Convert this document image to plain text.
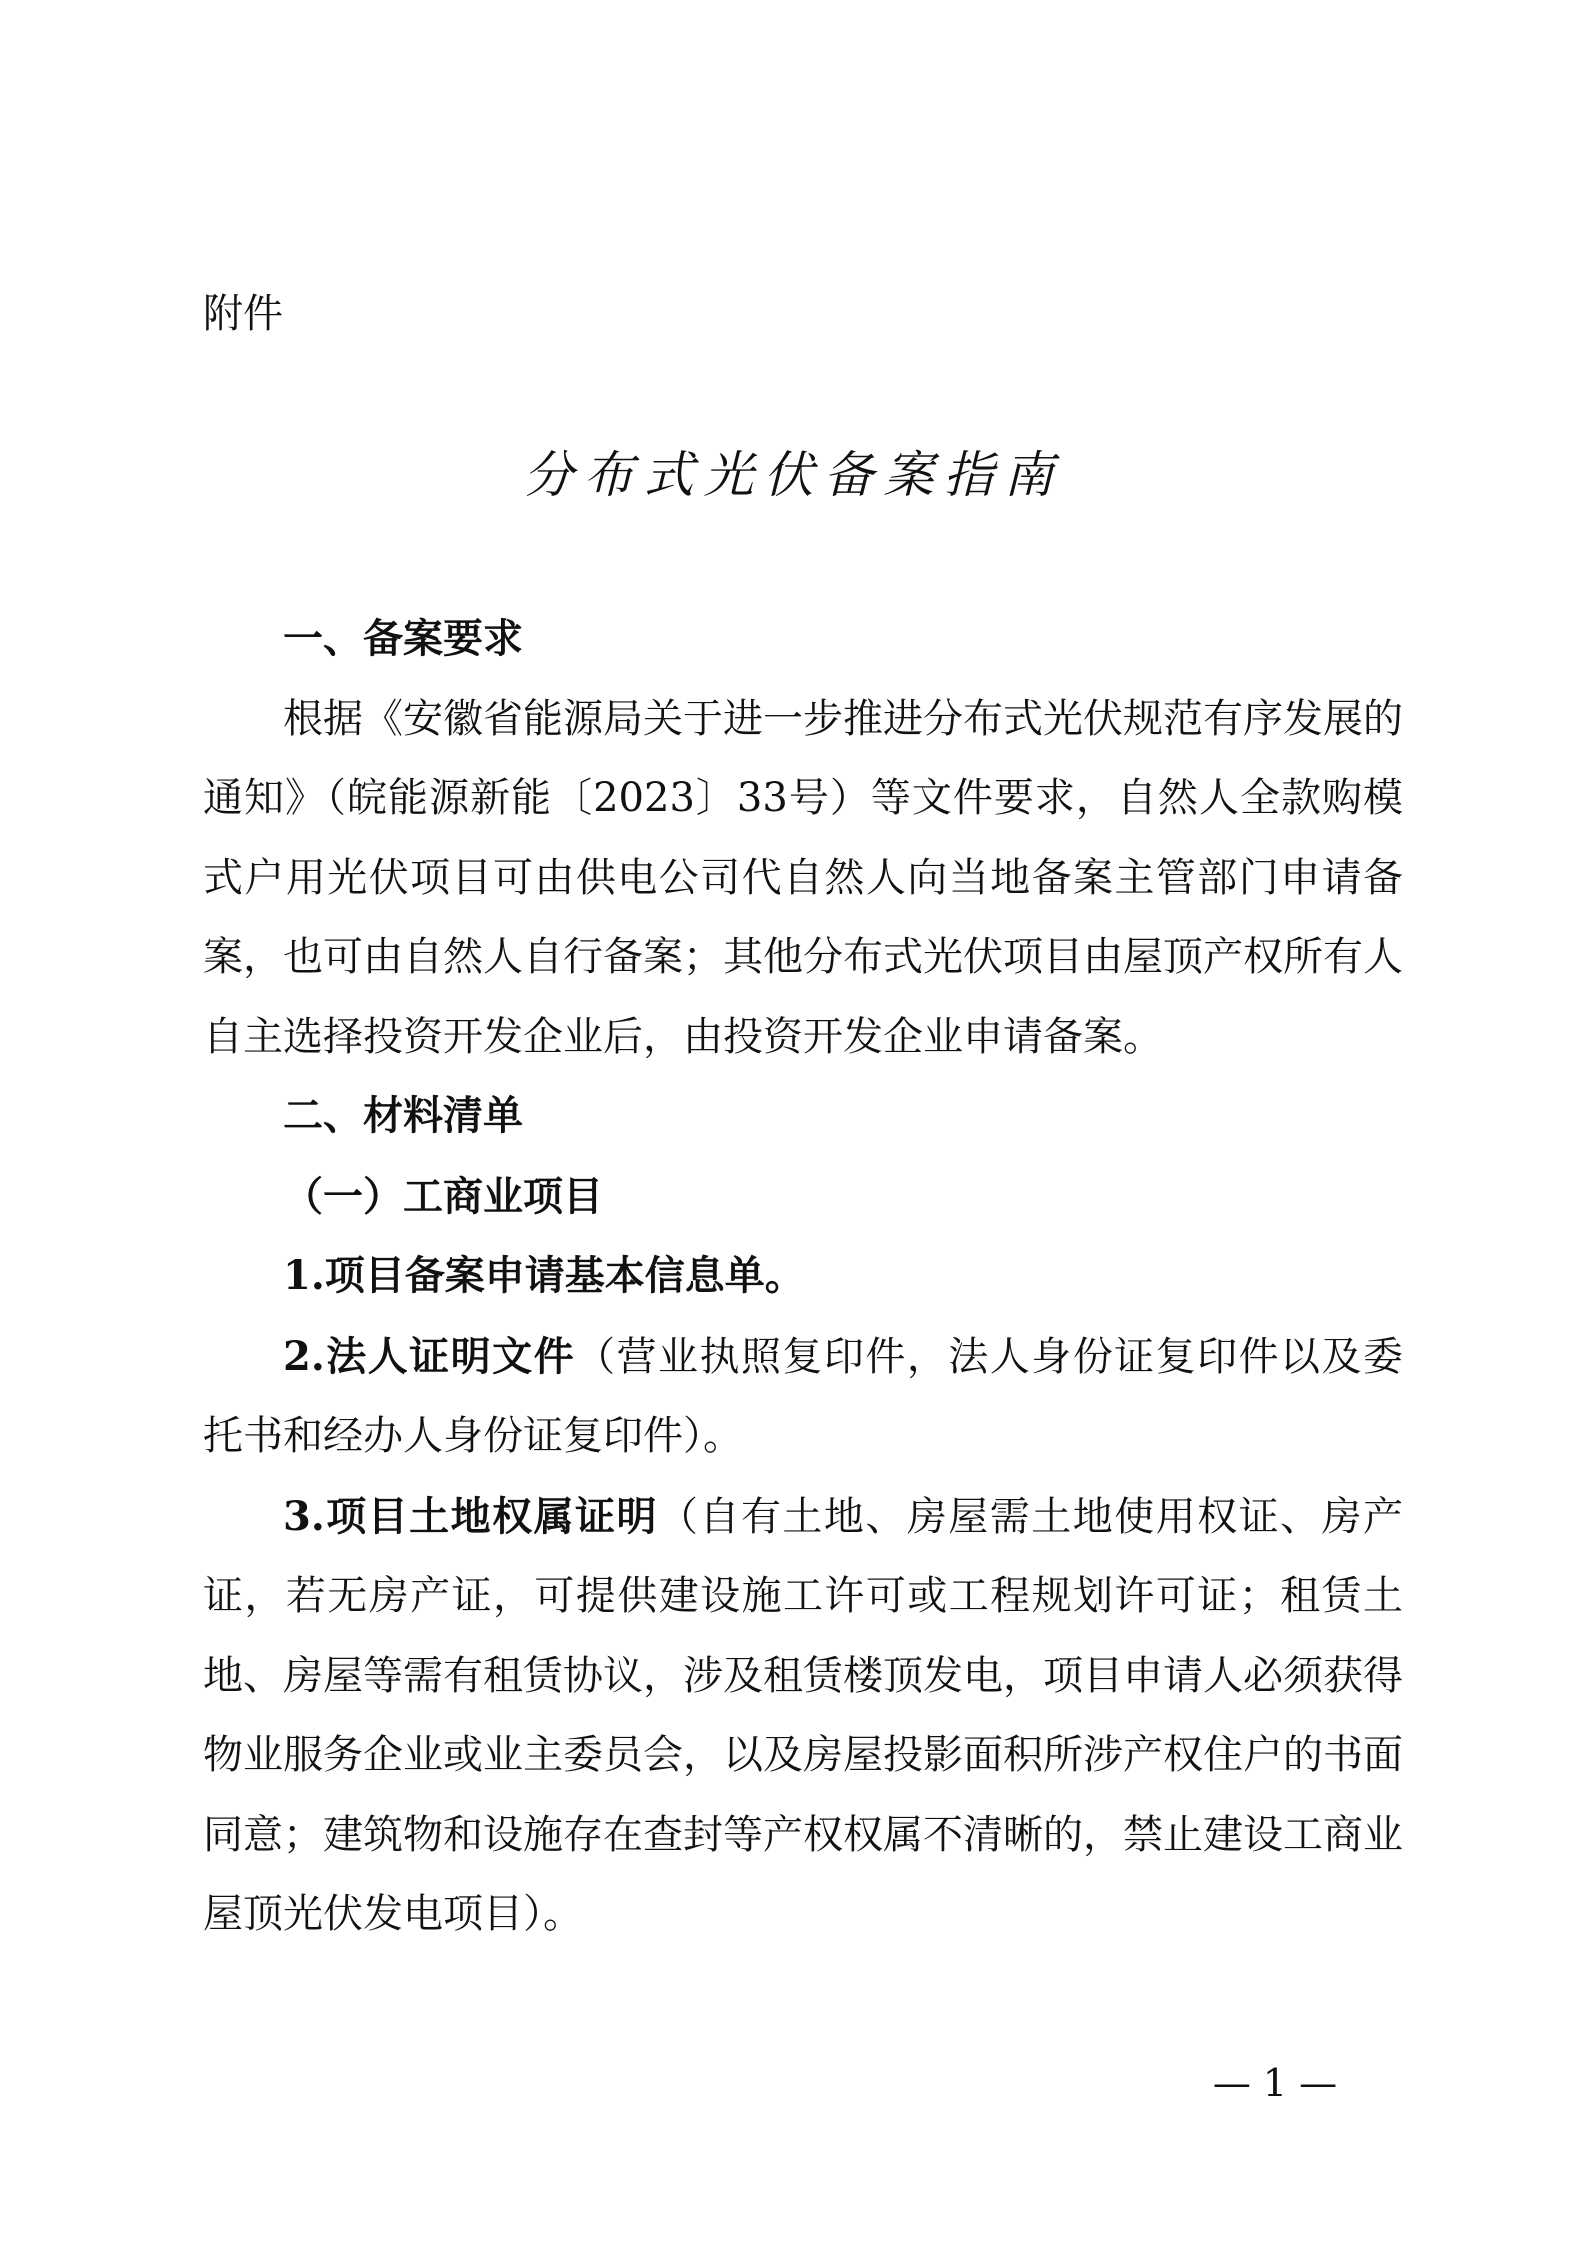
附件
分布式光伏备案指南

一、备案要求

根据《安徽省能源局关于进一步推进分布式光伏规范有序发展的通知》（皖能源新能〔2023〕33号）等文件要求，自然人全款购模式户用光伏项目可由供电公司代自然人向当地备案主管部门申请备案，也可由自然人自行备案；其他分布式光伏项目由屋顶产权所有人自主选择投资开发企业后，由投资开发企业申请备案。

二、材料清单

（一）工商业项目

1.项目备案申请基本信息单。

2.法人证明文件（营业执照复印件，法人身份证复印件以及委托书和经办人身份证复印件）。

3.项目土地权属证明（自有土地、房屋需土地使用权证、房产证，若无房产证，可提供建设施工许可或工程规划许可证；租赁土地、房屋等需有租赁协议，涉及租赁楼顶发电，项目申请人必须获得物业服务企业或业主委员会，以及房屋投影面积所涉产权住户的书面同意；建筑物和设施存在查封等产权权属不清晰的，禁止建设工商业屋顶光伏发电项目）。

— 1 —
